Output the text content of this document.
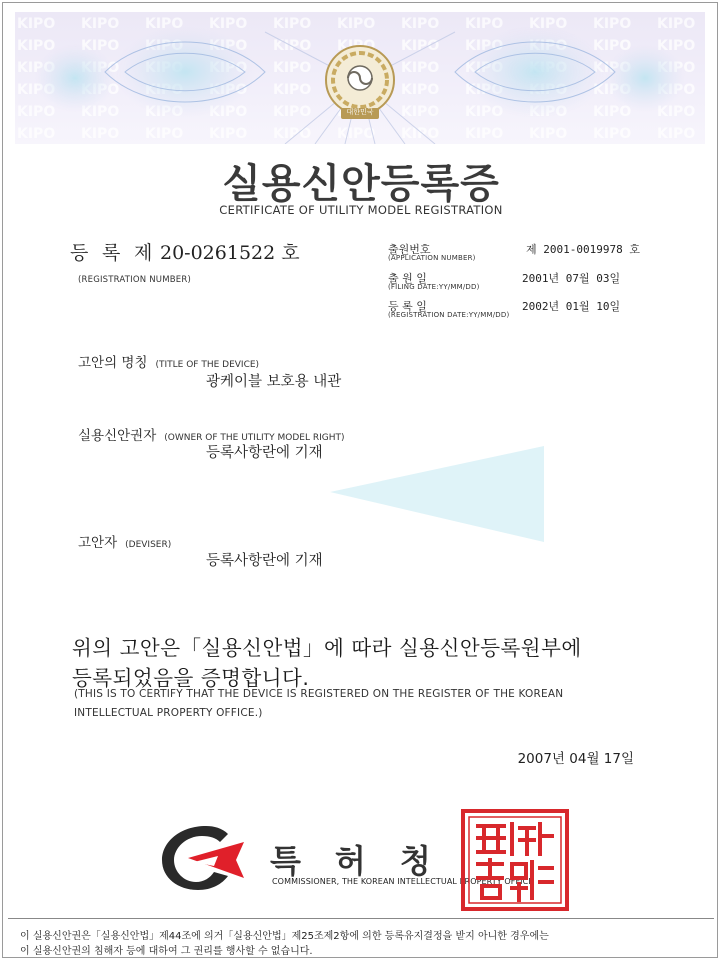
대한민국
실용신안등록증
CERTIFICATE OF UTILITY MODEL REGISTRATION
등 록 제 20-0261522 호
(REGISTRATION NUMBER)
출원번호
(APPLICATION NUMBER)
제 2001-0019978 호
출 원 일
(FILING DATE:YY/MM/DD)
2001년 07월 03일
등 록 일
(REGISTRATION DATE:YY/MM/DD)
2002년 01월 10일
고안의 명칭 (TITLE OF THE DEVICE)
광케이블 보호용 내관
실용신안권자 (OWNER OF THE UTILITY MODEL RIGHT)
등록사항란에 기재
고안자 (DEVISER)
등록사항란에 기재
위의 고안은「실용신안법」에 따라 실용신안등록원부에
등록되었음을 증명합니다.
(THIS IS TO CERTIFY THAT THE DEVICE IS REGISTERED ON THE REGISTER OF THE KOREAN
INTELLECTUAL PROPERTY OFFICE.)
2007년 04월 17일
특허청
COMMISSIONER, THE KOREAN INTELLECTUAL PROPERTY OFFICE
이 실용신안권은「실용신안법」제44조에 의거「실용신안법」제25조제2항에 의한 등록유지결정을 받지 아니한 경우에는
이 실용신안권의 침해자 등에 대하여 그 권리를 행사할 수 없습니다.
